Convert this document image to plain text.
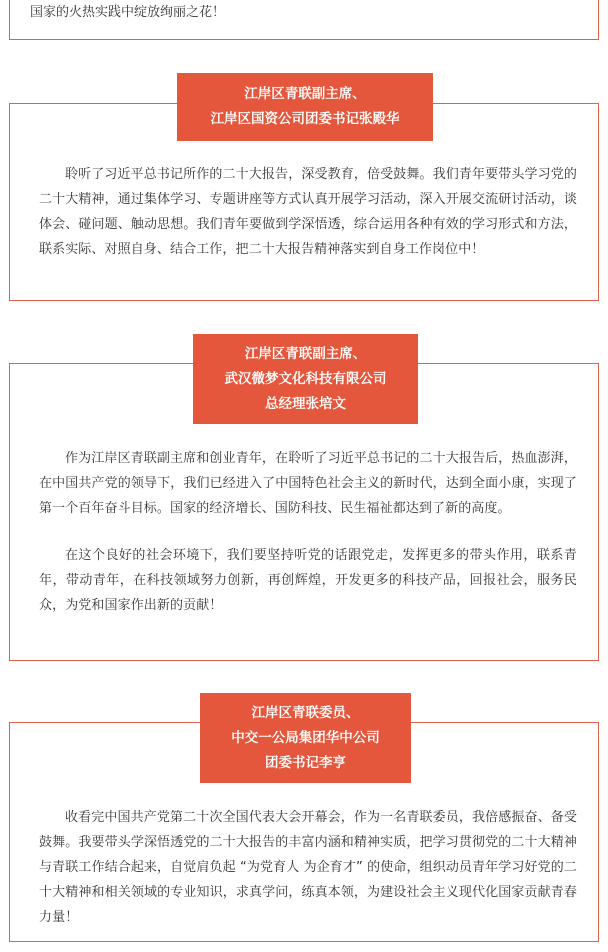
国家的火热实践中绽放绚丽之花！

聆听了习近平总书记所作的二十大报告，深受教育，倍受鼓舞。我们青年要带头学习党的二十大精神，通过集体学习、专题讲座等方式认真开展学习活动，深入开展交流研讨活动，谈体会、碰问题、触动思想。我们青年要做到学深悟透，综合运用各种有效的学习形式和方法，联系实际、对照自身、结合工作，把二十大报告精神落实到自身工作岗位中！

江岸区青联副主席、
江岸区国资公司团委书记张殿华

作为江岸区青联副主席和创业青年，在聆听了习近平总书记的二十大报告后，热血澎湃，在中国共产党的领导下，我们已经进入了中国特色社会主义的新时代，达到全面小康，实现了第一个百年奋斗目标。国家的经济增长、国防科技、民生福祉都达到了新的高度。

在这个良好的社会环境下，我们要坚持听党的话跟党走，发挥更多的带头作用，联系青年，带动青年，在科技领域努力创新，再创辉煌，开发更多的科技产品，回报社会，服务民众，为党和国家作出新的贡献！

江岸区青联副主席、
武汉微梦文化科技有限公司
总经理张培文

收看完中国共产党第二十次全国代表大会开幕会，作为一名青联委员，我倍感振奋、备受鼓舞。我要带头学深悟透党的二十大报告的丰富内涵和精神实质，把学习贯彻党的二十大精神与青联工作结合起来，自觉肩负起 “为党育人 为企育才” 的使命，组织动员青年学习好党的二十大精神和相关领域的专业知识，求真学问，练真本领，为建设社会主义现代化国家贡献青春力量！

江岸区青联委员、
中交一公局集团华中公司
团委书记李亨
